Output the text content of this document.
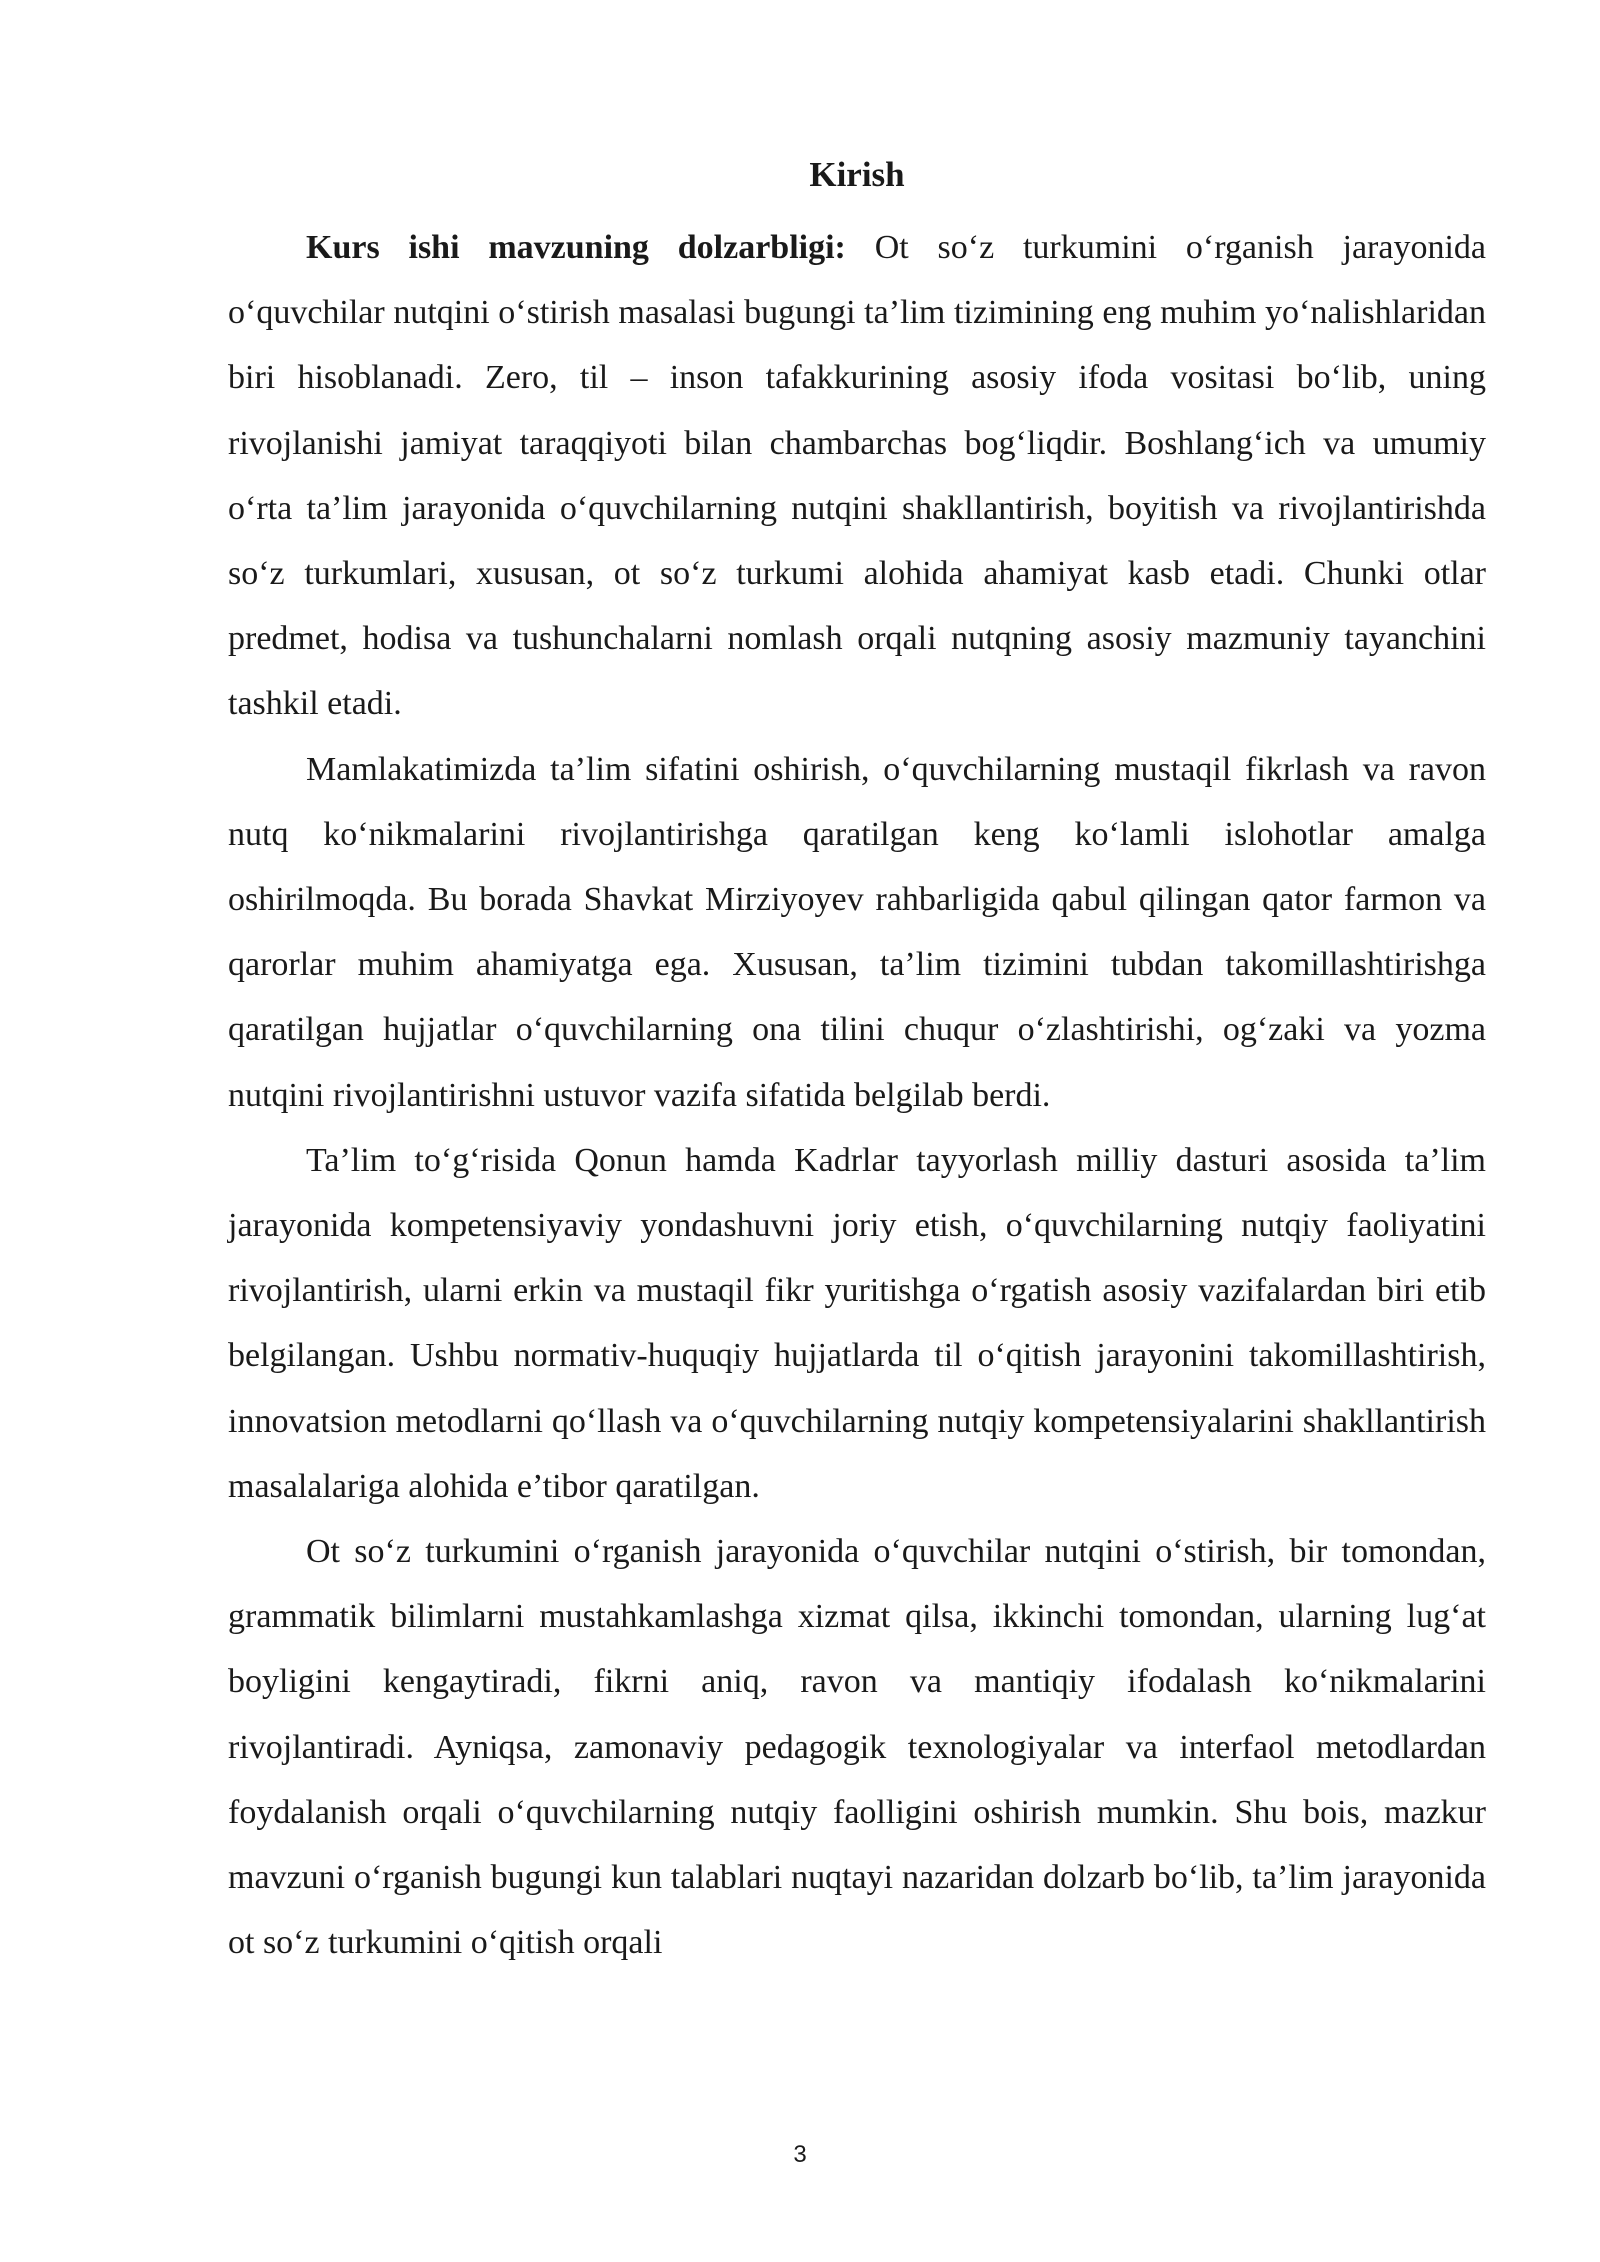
Kirish

Kurs ishi mavzuning dolzarbligi: Ot so‘z turkumini o‘rganish jarayonida o‘quvchilar nutqini o‘stirish masalasi bugungi ta’lim tizimining eng muhim yo‘nalishlaridan biri hisoblanadi. Zero, til – inson tafakkurining asosiy ifoda vositasi bo‘lib, uning rivojlanishi jamiyat taraqqiyoti bilan chambarchas bog‘liqdir. Boshlang‘ich va umumiy o‘rta ta’lim jarayonida o‘quvchilarning nutqini shakllantirish, boyitish va rivojlantirishda so‘z turkumlari, xususan, ot so‘z turkumi alohida ahamiyat kasb etadi. Chunki otlar predmet, hodisa va tushunchalarni nomlash orqali nutqning asosiy mazmuniy tayanchini tashkil etadi.

Mamlakatimizda ta’lim sifatini oshirish, o‘quvchilarning mustaqil fikrlash va ravon nutq ko‘nikmalarini rivojlantirishga qaratilgan keng ko‘lamli islohotlar amalga oshirilmoqda. Bu borada Shavkat Mirziyoyev rahbarligida qabul qilingan qator farmon va qarorlar muhim ahamiyatga ega. Xususan, ta’lim tizimini tubdan takomillashtirishga qaratilgan hujjatlar o‘quvchilarning ona tilini chuqur o‘zlashtirishi, og‘zaki va yozma nutqini rivojlantirishni ustuvor vazifa sifatida belgilab berdi.

Ta’lim to‘g‘risida Qonun hamda Kadrlar tayyorlash milliy dasturi asosida ta’lim jarayonida kompetensiyaviy yondashuvni joriy etish, o‘quvchilarning nutqiy faoliyatini rivojlantirish, ularni erkin va mustaqil fikr yuritishga o‘rgatish asosiy vazifalardan biri etib belgilangan. Ushbu normativ-huquqiy hujjatlarda til o‘qitish jarayonini takomillashtirish, innovatsion metodlarni qo‘llash va o‘quvchilarning nutqiy kompetensiyalarini shakllantirish masalalariga alohida e’tibor qaratilgan.

Ot so‘z turkumini o‘rganish jarayonida o‘quvchilar nutqini o‘stirish, bir tomondan, grammatik bilimlarni mustahkamlashga xizmat qilsa, ikkinchi tomondan, ularning lug‘at boyligini kengaytiradi, fikrni aniq, ravon va mantiqiy ifodalash ko‘nikmalarini rivojlantiradi. Ayniqsa, zamonaviy pedagogik texnologiyalar va interfaol metodlardan foydalanish orqali o‘quvchilarning nutqiy faolligini oshirish mumkin. Shu bois, mazkur mavzuni o‘rganish bugungi kun talablari nuqtayi nazaridan dolzarb bo‘lib, ta’lim jarayonida ot so‘z turkumini o‘qitish orqali

3
